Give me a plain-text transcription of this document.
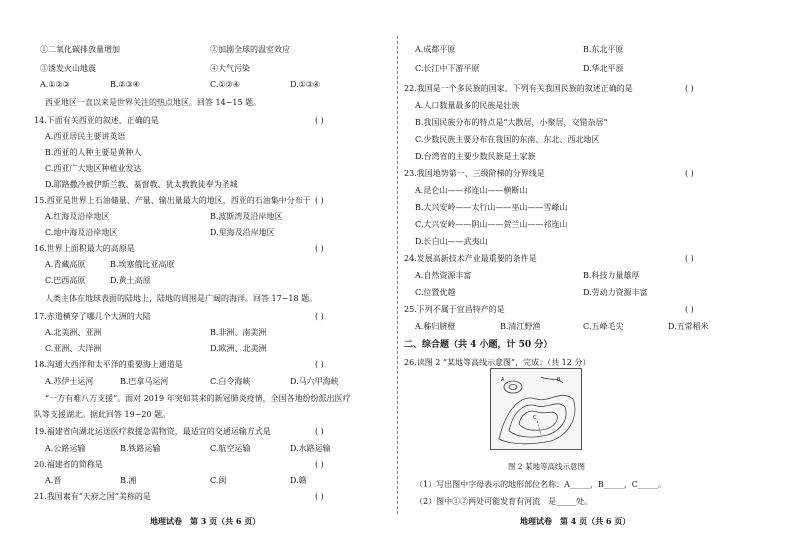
①二氧化碳排放量增加	②加剧全球的温室效应
③诱发火山地震	④大气污染
A.①②③	B.②③④	C.①②④	D.①③④
西亚地区一直以来是世界关注的热点地区。回答 14~15 题。
14.下面有关西亚的叙述，正确的是
A.西亚居民主要讲英语
B.西亚的人种主要是黄种人
C.西亚广大地区种植业发达
D.耶路撒冷被伊斯兰教、基督教、犹太教教徒奉为圣城
15.西亚是世界上石油储量、产量、输出量最大的地区，西亚的石油集中分布于
A.红海及沿岸地区	B.波斯湾及沿岸地区
C.地中海及沿岸地区	D.里海及沿岸地区
16.世界上面积最大的高原是
A.青藏高原	B.埃塞俄比亚高原
C.巴西高原	D.黄土高原
人类主体在地球表面的陆地上，陆地的周围是广阔的海洋。回答 17~18 题。
17.赤道横穿了哪几个大洲的大陆
A.北美洲、亚洲	B.非洲、南美洲
C.亚洲、大洋洲	D.欧洲、北美洲
18.沟通大西洋和太平洋的重要海上通道是
A.苏伊士运河	B.巴拿马运河	C.白令海峡	D.马六甲海峡
“一方有难八方支援”。面对 2019 年突如其来的新冠肺炎疫情，全国各地纷纷派出医疗
队等支援湖北。据此回答 19~20 题。
19.福建省向湖北运送医疗救援急需物资，最适宜的交通运输方式是
A.公路运输	B.铁路运输	C.航空运输	D.水路运输
20.福建省的简称是
A.晋	B.湘	C.闽	D.赣
21.我国素有“天府之国”美称的是
( )
( )
( )
( )
( )
( )
( )
( )
A.成都平原	B.东北平原
C.长江中下游平原	D.华北平原
22.我国是一个多民族的国家，下列有关我国民族的叙述正确的是
A.人口数量最多的民族是壮族
B.我国民族分布的特点是“大散居，小聚居，交错杂居”
C.少数民族主要分布在我国的东南、东北、西北地区
D.台湾省的主要少数民族是土家族
23.我国地势第一、三级阶梯的分界线是
A.昆仑山——祁连山——横断山
B.大兴安岭——太行山——巫山——雪峰山
C.大兴安岭——阴山——贺兰山——祁连山
D.长白山——武夷山
24.发展高新技术产业最重要的条件是
A.自然资源丰富	B.科技力量雄厚
C.位置优越	D.劳动力资源丰富
25.下列不属于宜昌特产的是
A.秭归脐橙	B.清江野渔	C.五峰毛尖	D.五常稻米
26.读图 2 “某地等高线示意图”，完成：（共 12 分）
（1）写出图中字母表示的地形部位名称：A_____，B_____，C_____。
（2）图中①②两处可能发育有河流　是_____处。
( )
( )
( )
( )
二、综合题（共 4 小题，计 50 分）
A	B
C
图 2 某地等高线示意图
地理试卷　第 3 页（共 6 页）	地理试卷　第 4 页（共 6 页）
